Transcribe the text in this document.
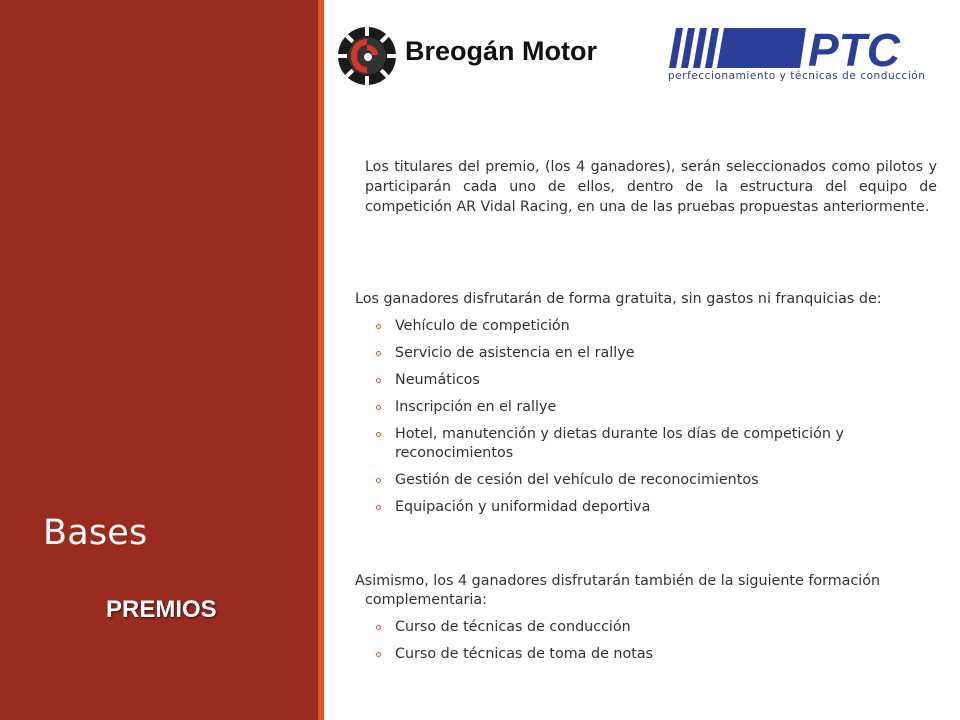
Bases
PREMIOS
Breogán Motor	PTC
perfeccionamiento y técnicas de conducción
Los titulares del premio, (los 4 ganadores), serán seleccionados como pilotos y participarán cada uno de ellos, dentro de la estructura del equipo de competición AR Vidal Racing, en una de las pruebas propuestas anteriormente.

Los ganadores disfrutarán de forma gratuita, sin gastos ni franquicias de:

Vehículo de competición
Servicio de asistencia en el rallye
Neumáticos
Inscripción en el rallye
Hotel, manutención y dietas durante los días de competición y reconocimientos
Gestión de cesión del vehículo de reconocimientos
Equipación y uniformidad deportiva

Asimismo, los 4 ganadores disfrutarán también de la siguiente formación complementaria:

Curso de técnicas de conducción
Curso de técnicas de toma de notas
